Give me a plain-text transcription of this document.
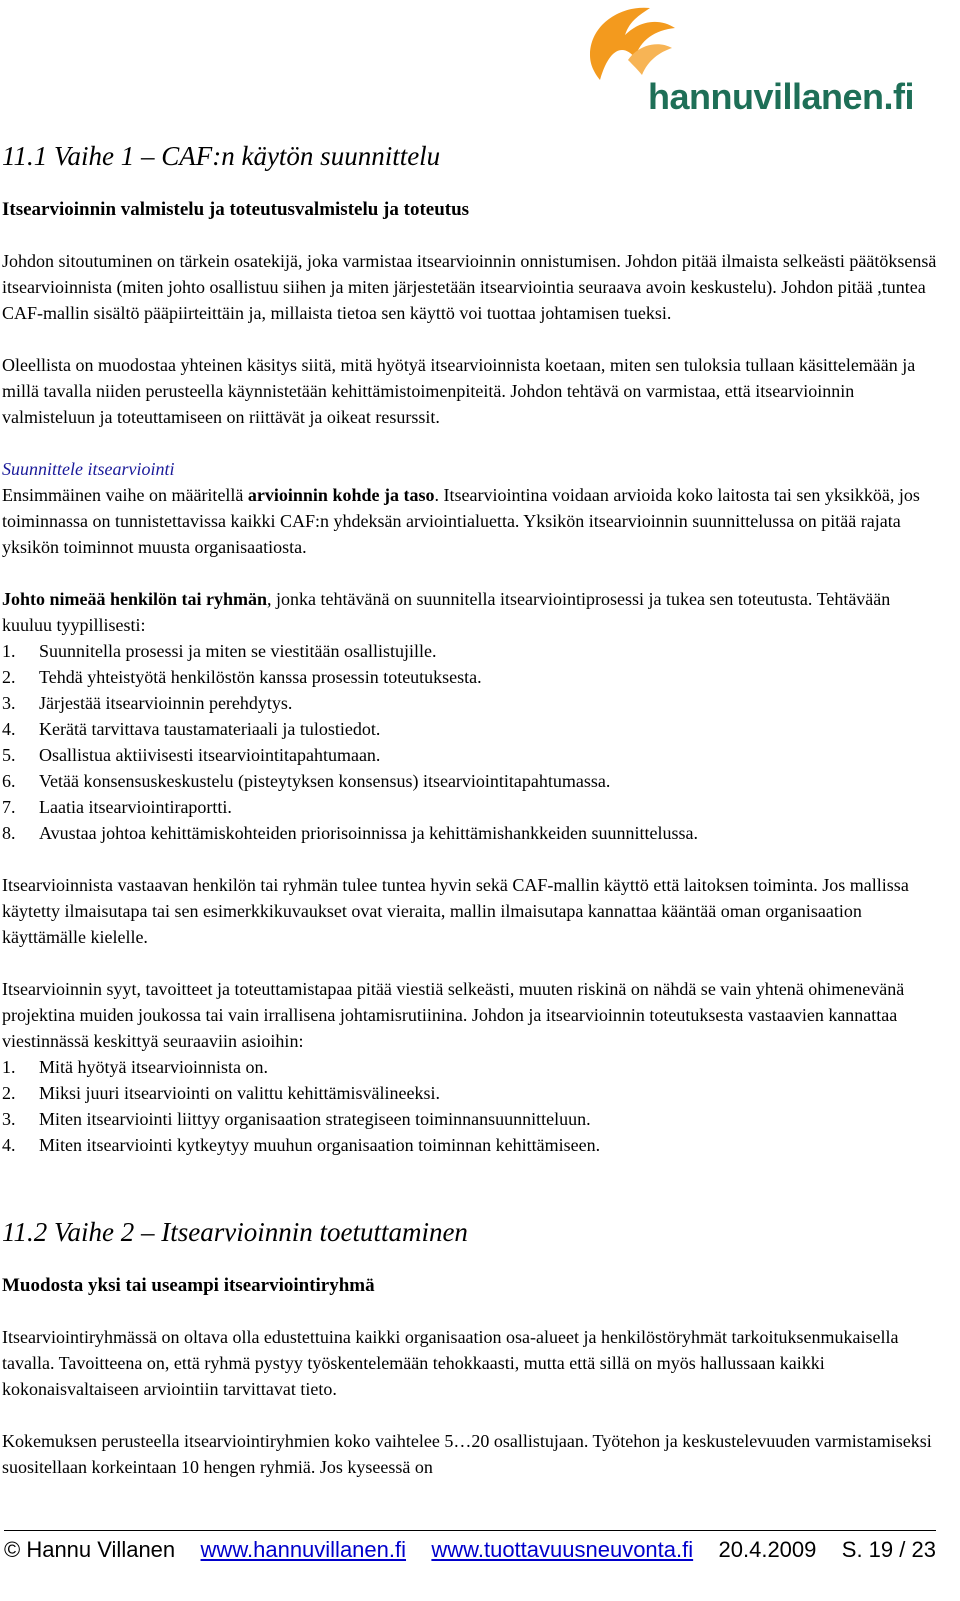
hannuvillanen.fi
11.1 Vaihe 1 – CAF:n käytön suunnittelu
Itsearvioinnin valmistelu ja toteutusvalmistelu ja toteutus

Johdon sitoutuminen on tärkein osatekijä, joka varmistaa itsearvioinnin onnistumisen. Johdon pitää ilmaista selkeästi päätöksensä itsearvioinnista (miten johto osallistuu siihen ja miten järjestetään itsearviointia seuraava avoin keskustelu). Johdon pitää ,tuntea CAF-mallin sisältö pääpiirteittäin ja, millaista tietoa sen käyttö voi tuottaa johtamisen tueksi.

Oleellista on muodostaa yhteinen käsitys siitä, mitä hyötyä itsearvioinnista koetaan, miten sen tuloksia tullaan käsittelemään ja millä tavalla niiden perusteella käynnistetään kehittämistoimenpiteitä. Johdon tehtävä on varmistaa, että itsearvioinnin valmisteluun ja toteuttamiseen on riittävät ja oikeat resurssit.

Suunnittele itsearviointi

Ensimmäinen vaihe on määritellä arvioinnin kohde ja taso. Itsearviointina voidaan arvioida koko laitosta tai sen yksikköä, jos toiminnassa on tunnistettavissa kaikki CAF:n yhdeksän arviointialuetta. Yksikön itsearvioinnin suunnittelussa on pitää rajata yksikön toiminnot muusta organisaatiosta.

Johto nimeää henkilön tai ryhmän, jonka tehtävänä on suunnitella itsearviointiprosessi ja tukea sen toteutusta. Tehtävään kuuluu tyypillisesti:

1. Suunnitella prosessi ja miten se viestitään osallistujille.
2. Tehdä yhteistyötä henkilöstön kanssa prosessin toteutuksesta.
3. Järjestää itsearvioinnin perehdytys.
4. Kerätä tarvittava taustamateriaali ja tulostiedot.
5. Osallistua aktiivisesti itsearviointitapahtumaan.
6. Vetää konsensuskeskustelu (pisteytyksen konsensus) itsearviointitapahtumassa.
7. Laatia itsearviointiraportti.
8. Avustaa johtoa kehittämiskohteiden priorisoinnissa ja kehittämishankkeiden suunnittelussa.

Itsearvioinnista vastaavan henkilön tai ryhmän tulee tuntea hyvin sekä CAF-mallin käyttö että laitoksen toiminta. Jos mallissa käytetty ilmaisutapa tai sen esimerkkikuvaukset ovat vieraita, mallin ilmaisutapa kannattaa kääntää oman organisaation käyttämälle kielelle.

Itsearvioinnin syyt, tavoitteet ja toteuttamistapaa pitää viestiä selkeästi, muuten riskinä on nähdä se vain yhtenä ohimenevänä projektina muiden joukossa tai vain irrallisena johtamisrutiinina. Johdon ja itsearvioinnin toteutuksesta vastaavien kannattaa viestinnässä keskittyä seuraaviin asioihin:

1. Mitä hyötyä itsearvioinnista on.
2. Miksi juuri itsearviointi on valittu kehittämisvälineeksi.
3. Miten itsearviointi liittyy organisaation strategiseen toiminnansuunnitteluun.
4. Miten itsearviointi kytkeytyy muuhun organisaation toiminnan kehittämiseen.
11.2 Vaihe 2 – Itsearvioinnin toetuttaminen
Muodosta yksi tai useampi itsearviointiryhmä

Itsearviointiryhmässä on oltava olla edustettuina kaikki organisaation osa-alueet ja henkilöstöryhmät tarkoituksenmukaisella tavalla. Tavoitteena on, että ryhmä pystyy työskentelemään tehokkaasti, mutta että sillä on myös hallussaan kaikki kokonaisvaltaiseen arviointiin tarvittavat tieto.

Kokemuksen perusteella itsearviointiryhmien koko vaihtelee 5…20 osallistujaan. Työtehon ja keskustelevuuden varmistamiseksi suositellaan korkeintaan 10 hengen ryhmiä. Jos kyseessä on

© Hannu Villanen www.hannuvillanen.fi www.tuottavuusneuvonta.fi 20.4.2009 S. 19 / 23
